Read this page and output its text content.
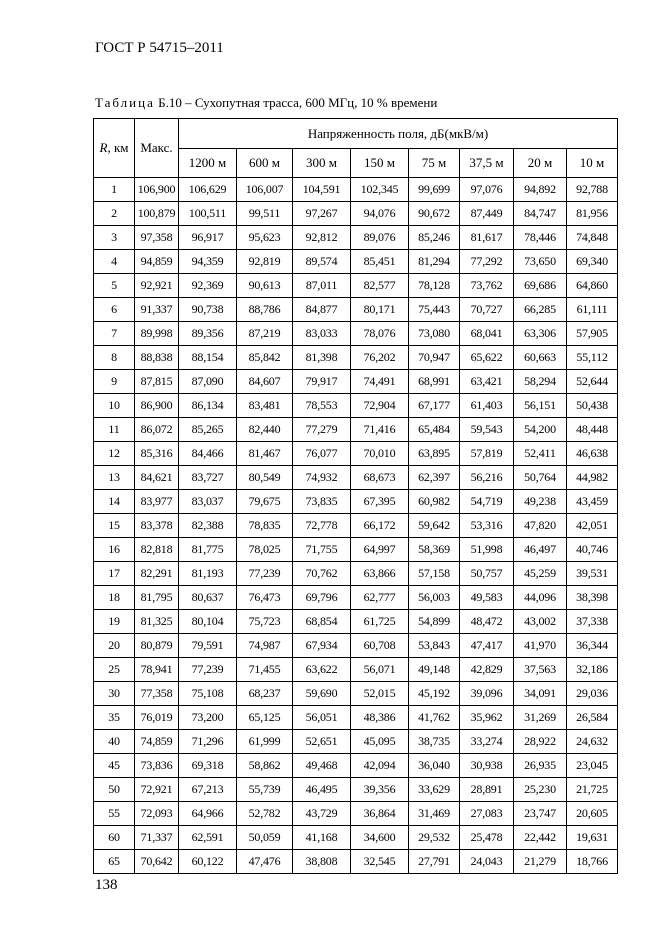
ГОСТ Р 54715–2011
Таблица Б.10 – Сухопутная трасса, 600 МГц, 10 % времени
R, км	Макс.	Напряженность поля, дБ(мкВ/м)							
		1200 м	600 м	300 м	150 м	75 м	37,5 м	20 м	10 м
1	106,900	106,629	106,007	104,591	102,345	99,699	97,076	94,892	92,788
2	100,879	100,511	99,511	97,267	94,076	90,672	87,449	84,747	81,956
3	97,358	96,917	95,623	92,812	89,076	85,246	81,617	78,446	74,848
4	94,859	94,359	92,819	89,574	85,451	81,294	77,292	73,650	69,340
5	92,921	92,369	90,613	87,011	82,577	78,128	73,762	69,686	64,860
6	91,337	90,738	88,786	84,877	80,171	75,443	70,727	66,285	61,111
7	89,998	89,356	87,219	83,033	78,076	73,080	68,041	63,306	57,905
8	88,838	88,154	85,842	81,398	76,202	70,947	65,622	60,663	55,112
9	87,815	87,090	84,607	79,917	74,491	68,991	63,421	58,294	52,644
10	86,900	86,134	83,481	78,553	72,904	67,177	61,403	56,151	50,438
11	86,072	85,265	82,440	77,279	71,416	65,484	59,543	54,200	48,448
12	85,316	84,466	81,467	76,077	70,010	63,895	57,819	52,411	46,638
13	84,621	83,727	80,549	74,932	68,673	62,397	56,216	50,764	44,982
14	83,977	83,037	79,675	73,835	67,395	60,982	54,719	49,238	43,459
15	83,378	82,388	78,835	72,778	66,172	59,642	53,316	47,820	42,051
16	82,818	81,775	78,025	71,755	64,997	58,369	51,998	46,497	40,746
17	82,291	81,193	77,239	70,762	63,866	57,158	50,757	45,259	39,531
18	81,795	80,637	76,473	69,796	62,777	56,003	49,583	44,096	38,398
19	81,325	80,104	75,723	68,854	61,725	54,899	48,472	43,002	37,338
20	80,879	79,591	74,987	67,934	60,708	53,843	47,417	41,970	36,344
25	78,941	77,239	71,455	63,622	56,071	49,148	42,829	37,563	32,186
30	77,358	75,108	68,237	59,690	52,015	45,192	39,096	34,091	29,036
35	76,019	73,200	65,125	56,051	48,386	41,762	35,962	31,269	26,584
40	74,859	71,296	61,999	52,651	45,095	38,735	33,274	28,922	24,632
45	73,836	69,318	58,862	49,468	42,094	36,040	30,938	26,935	23,045
50	72,921	67,213	55,739	46,495	39,356	33,629	28,891	25,230	21,725
55	72,093	64,966	52,782	43,729	36,864	31,469	27,083	23,747	20,605
60	71,337	62,591	50,059	41,168	34,600	29,532	25,478	22,442	19,631
65	70,642	60,122	47,476	38,808	32,545	27,791	24,043	21,279	18,766
138
